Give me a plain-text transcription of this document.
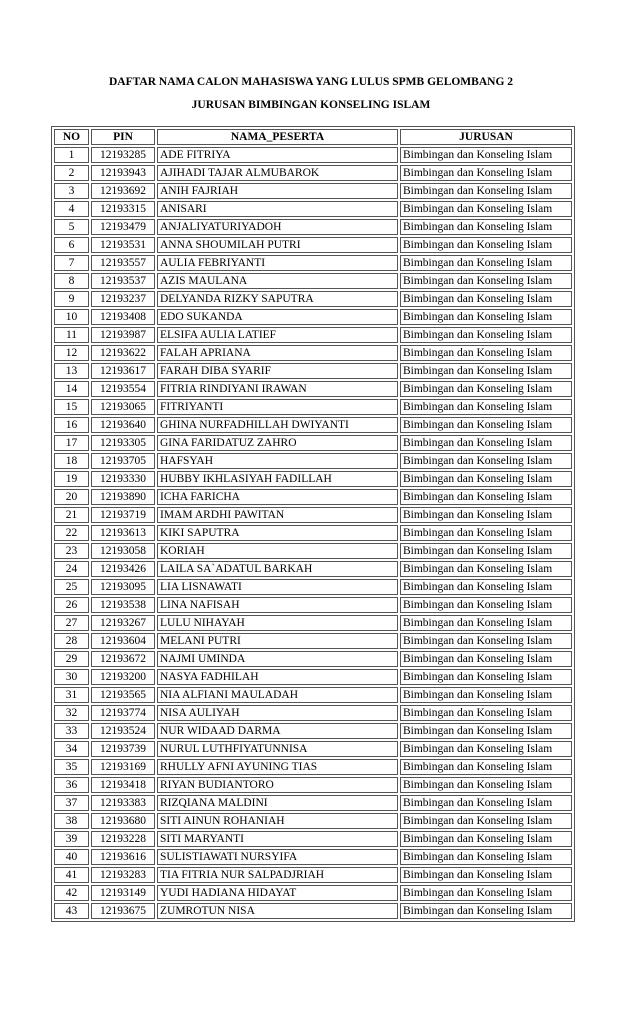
DAFTAR NAMA CALON MAHASISWA YANG LULUS SPMB GELOMBANG 2
JURUSAN BIMBINGAN KONSELING ISLAM
NO	PIN	NAMA_PESERTA	JURUSAN
1	12193285	ADE FITRIYA	Bimbingan dan Konseling Islam
2	12193943	AJIHADI TAJAR ALMUBAROK	Bimbingan dan Konseling Islam
3	12193692	ANIH FAJRIAH	Bimbingan dan Konseling Islam
4	12193315	ANISARI	Bimbingan dan Konseling Islam
5	12193479	ANJALIYATURIYADOH	Bimbingan dan Konseling Islam
6	12193531	ANNA SHOUMILAH PUTRI	Bimbingan dan Konseling Islam
7	12193557	AULIA FEBRIYANTI	Bimbingan dan Konseling Islam
8	12193537	AZIS MAULANA	Bimbingan dan Konseling Islam
9	12193237	DELYANDA RIZKY SAPUTRA	Bimbingan dan Konseling Islam
10	12193408	EDO SUKANDA	Bimbingan dan Konseling Islam
11	12193987	ELSIFA AULIA LATIEF	Bimbingan dan Konseling Islam
12	12193622	FALAH APRIANA	Bimbingan dan Konseling Islam
13	12193617	FARAH DIBA SYARIF	Bimbingan dan Konseling Islam
14	12193554	FITRIA RINDIYANI IRAWAN	Bimbingan dan Konseling Islam
15	12193065	FITRIYANTI	Bimbingan dan Konseling Islam
16	12193640	GHINA NURFADHILLAH DWIYANTI	Bimbingan dan Konseling Islam
17	12193305	GINA FARIDATUZ ZAHRO	Bimbingan dan Konseling Islam
18	12193705	HAFSYAH	Bimbingan dan Konseling Islam
19	12193330	HUBBY IKHLASIYAH FADILLAH	Bimbingan dan Konseling Islam
20	12193890	ICHA FARICHA	Bimbingan dan Konseling Islam
21	12193719	IMAM ARDHI PAWITAN	Bimbingan dan Konseling Islam
22	12193613	KIKI SAPUTRA	Bimbingan dan Konseling Islam
23	12193058	KORIAH	Bimbingan dan Konseling Islam
24	12193426	LAILA SA`ADATUL BARKAH	Bimbingan dan Konseling Islam
25	12193095	LIA LISNAWATI	Bimbingan dan Konseling Islam
26	12193538	LINA NAFISAH	Bimbingan dan Konseling Islam
27	12193267	LULU NIHAYAH	Bimbingan dan Konseling Islam
28	12193604	MELANI PUTRI	Bimbingan dan Konseling Islam
29	12193672	NAJMI UMINDA	Bimbingan dan Konseling Islam
30	12193200	NASYA FADHILAH	Bimbingan dan Konseling Islam
31	12193565	NIA ALFIANI MAULADAH	Bimbingan dan Konseling Islam
32	12193774	NISA AULIYAH	Bimbingan dan Konseling Islam
33	12193524	NUR WIDAAD DARMA	Bimbingan dan Konseling Islam
34	12193739	NURUL LUTHFIYATUNNISA	Bimbingan dan Konseling Islam
35	12193169	RHULLY AFNI AYUNING TIAS	Bimbingan dan Konseling Islam
36	12193418	RIYAN BUDIANTORO	Bimbingan dan Konseling Islam
37	12193383	RIZQIANA MALDINI	Bimbingan dan Konseling Islam
38	12193680	SITI AINUN ROHANIAH	Bimbingan dan Konseling Islam
39	12193228	SITI MARYANTI	Bimbingan dan Konseling Islam
40	12193616	SULISTIAWATI NURSYIFA	Bimbingan dan Konseling Islam
41	12193283	TIA FITRIA NUR SALPADJRIAH	Bimbingan dan Konseling Islam
42	12193149	YUDI HADIANA HIDAYAT	Bimbingan dan Konseling Islam
43	12193675	ZUMROTUN NISA	Bimbingan dan Konseling Islam
